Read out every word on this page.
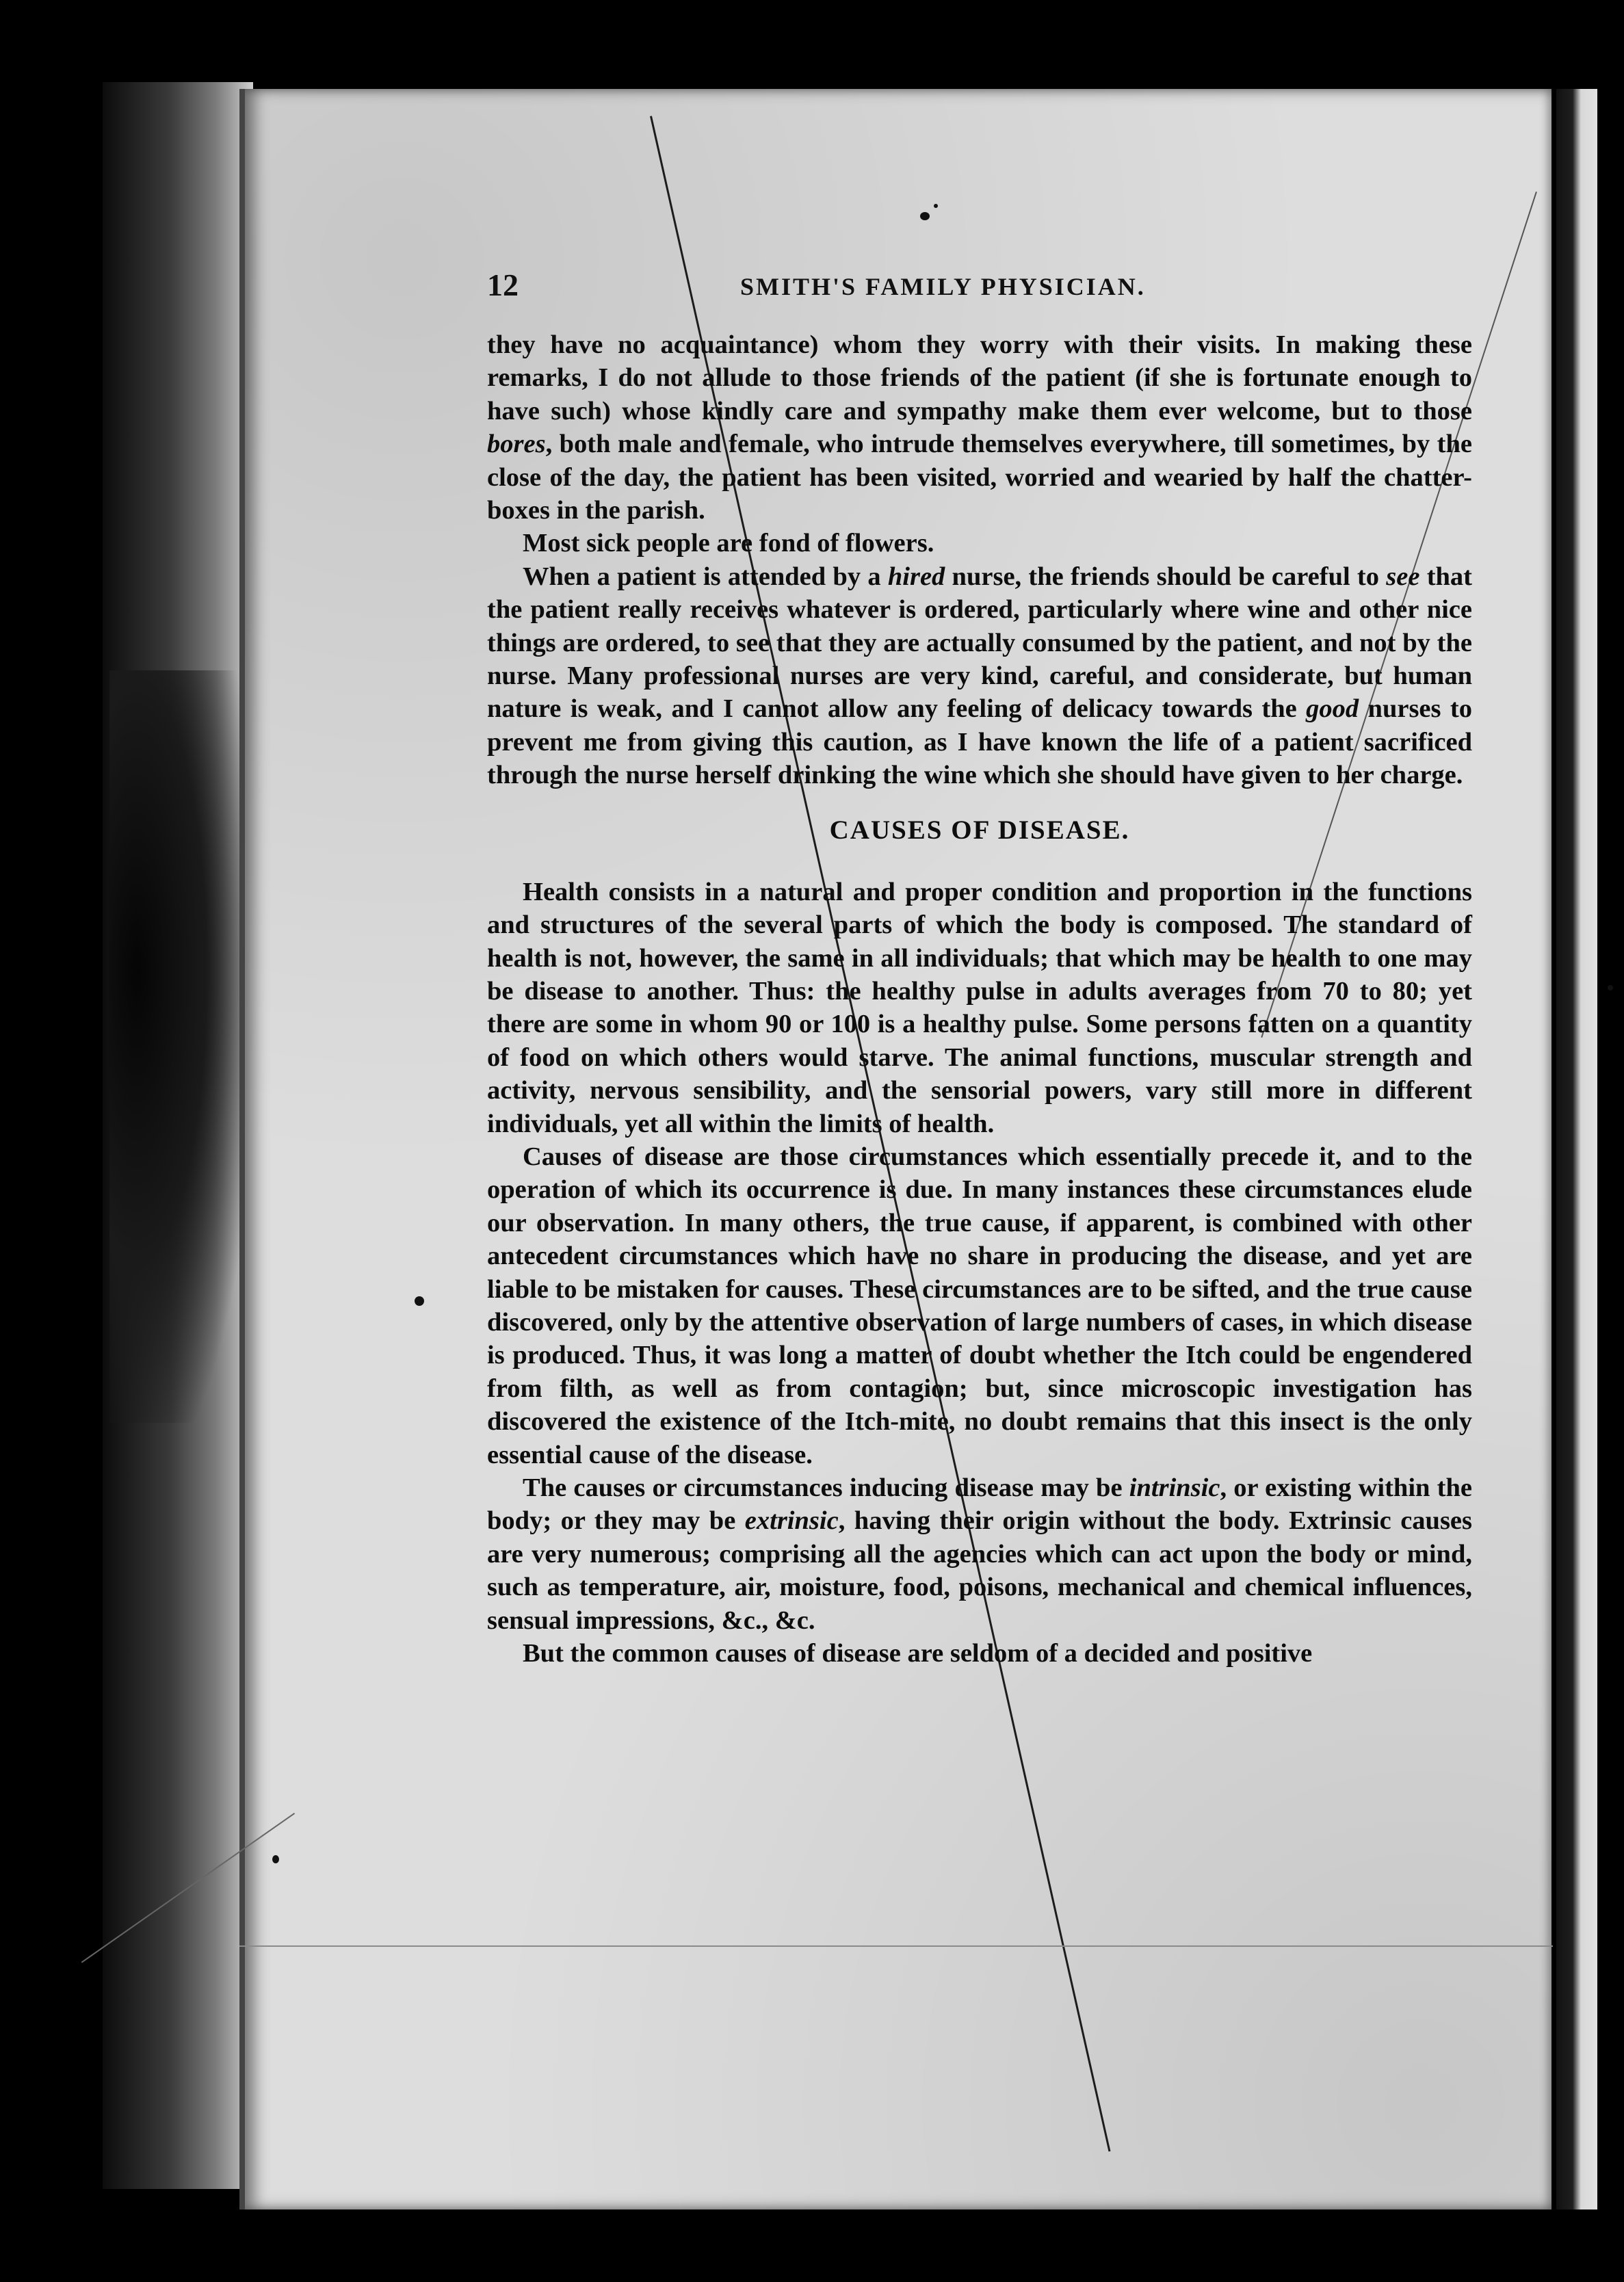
12	SMITH'S FAMILY PHYSICIAN.

they have no acquaintance) whom they worry with their visits. In making these remarks, I do not allude to those friends of the patient (if she is fortunate enough to have such) whose kindly care and sympathy make them ever welcome, but to those bores, both male and female, who intrude themselves everywhere, till sometimes, by the close of the day, the patient has been visited, worried and wearied by half the chatter-boxes in the parish.

Most sick people are fond of flowers.

When a patient is attended by a hired nurse, the friends should be careful to see that the patient really receives whatever is ordered, particularly where wine and other nice things are ordered, to see that they are actually consumed by the patient, and not by the nurse. Many professional nurses are very kind, careful, and considerate, but human nature is weak, and I cannot allow any feeling of delicacy towards the good nurses to prevent me from giving this caution, as I have known the life of a patient sacrificed through the nurse herself drinking the wine which she should have given to her charge.

CAUSES OF DISEASE.

Health consists in a natural and proper condition and proportion in the functions and structures of the several parts of which the body is composed. The standard of health is not, however, the same in all individuals; that which may be health to one may be disease to another. Thus: the healthy pulse in adults averages from 70 to 80; yet there are some in whom 90 or 100 is a healthy pulse. Some persons fatten on a quantity of food on which others would starve. The animal functions, muscular strength and activity, nervous sensibility, and the sensorial powers, vary still more in different individuals, yet all within the limits of health.

Causes of disease are those circumstances which essentially precede it, and to the operation of which its occurrence is due. In many instances these circumstances elude our observation. In many others, the true cause, if apparent, is combined with other antecedent circumstances which have no share in producing the disease, and yet are liable to be mistaken for causes. These circumstances are to be sifted, and the true cause discovered, only by the attentive observation of large numbers of cases, in which disease is produced. Thus, it was long a matter of doubt whether the Itch could be engendered from filth, as well as from contagion; but, since microscopic investigation has discovered the existence of the Itch-mite, no doubt remains that this insect is the only essential cause of the disease.

The causes or circumstances inducing disease may be intrinsic, or existing within the body; or they may be extrinsic, having their origin without the body. Extrinsic causes are very numerous; comprising all the agencies which can act upon the body or mind, such as temperature, air, moisture, food, poisons, mechanical and chemical influences, sensual impressions, &c., &c.

But the common causes of disease are seldom of a decided and positive
